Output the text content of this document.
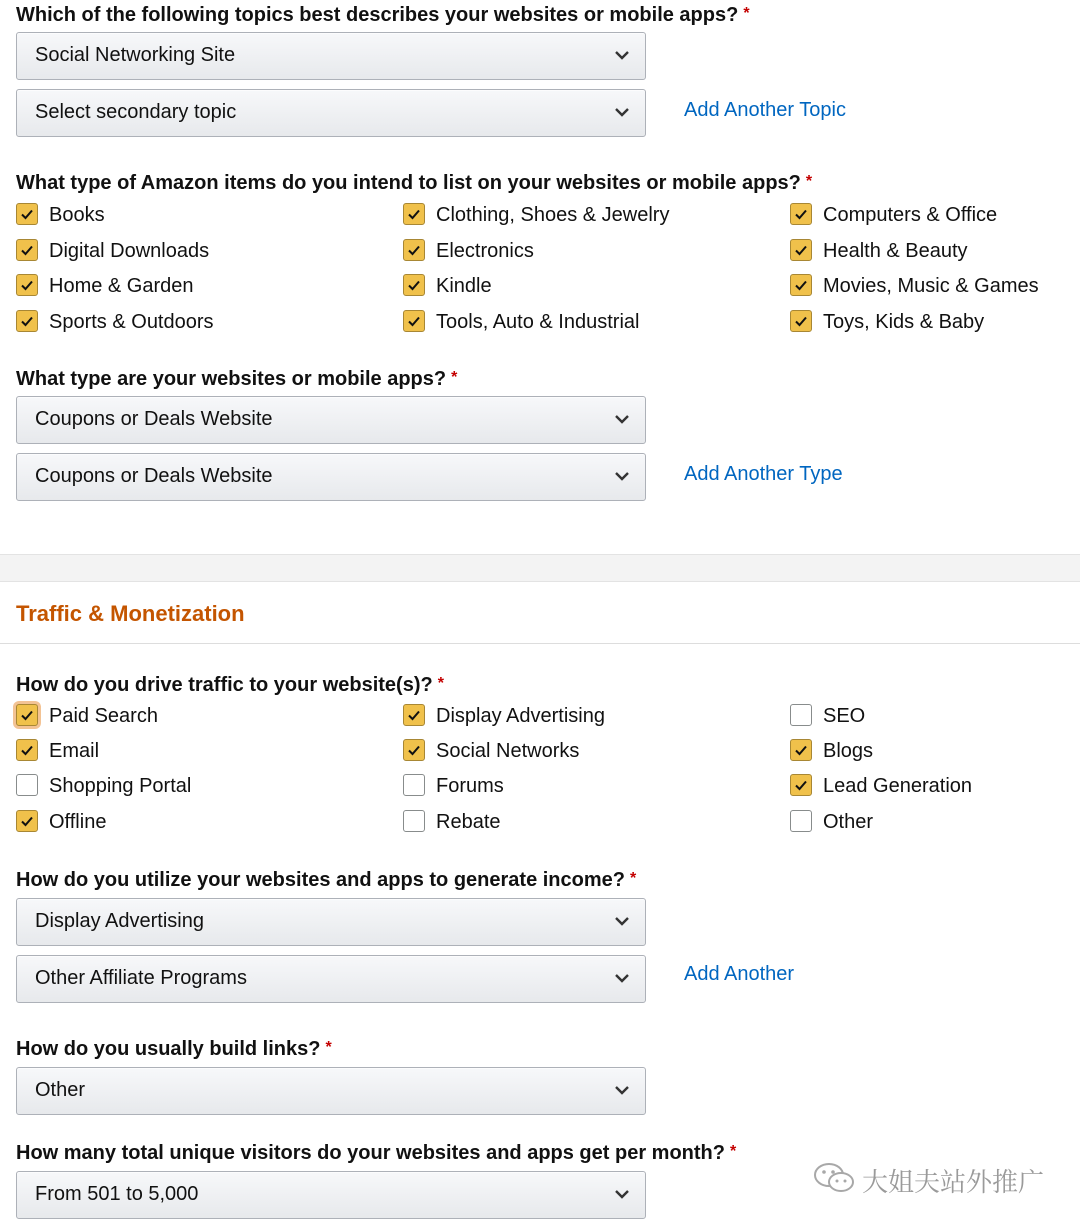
Which of the following topics best describes your websites or mobile apps? *
Social Networking Site
Select secondary topic	Add Another Topic
What type of Amazon items do you intend to list on your websites or mobile apps? *
Books	Clothing, Shoes & Jewelry	Computers & Office
Digital Downloads	Electronics	Health & Beauty
Home & Garden	Kindle	Movies, Music & Games
Sports & Outdoors	Tools, Auto & Industrial	Toys, Kids & Baby
What type are your websites or mobile apps? *
Coupons or Deals Website
Coupons or Deals Website	Add Another Type
Traffic & Monetization
How do you drive traffic to your website(s)? *
Paid Search	Display Advertising	SEO
Email	Social Networks	Blogs
Shopping Portal	Forums	Lead Generation
Offline	Rebate	Other
How do you utilize your websites and apps to generate income? *
Display Advertising
Other Affiliate Programs	Add Another
How do you usually build links? *
Other
How many total unique visitors do your websites and apps get per month? *
From 501 to 5,000	大姐夫站外推广
